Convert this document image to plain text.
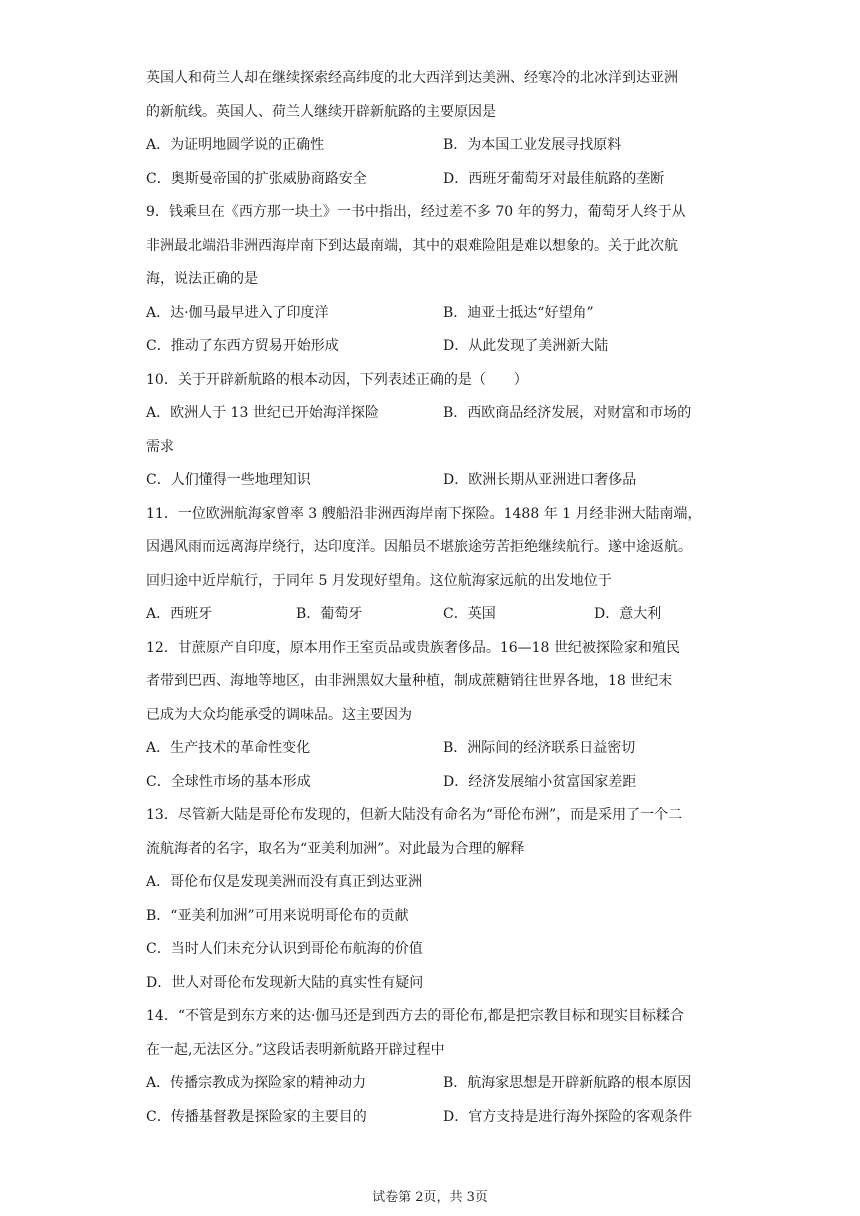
英国人和荷兰人却在继续探索经高纬度的北大西洋到达美洲、经寒冷的北冰洋到达亚洲
的新航线。英国人、荷兰人继续开辟新航路的主要原因是
A．为证明地圆学说的正确性	B．为本国工业发展寻找原料
C．奥斯曼帝国的扩张威胁商路安全	D．西班牙葡萄牙对最佳航路的垄断
9．钱乘旦在《西方那一块土》一书中指出，经过差不多 70 年的努力，葡萄牙人终于从
非洲最北端沿非洲西海岸南下到达最南端，其中的艰难险阻是难以想象的。关于此次航
海，说法正确的是
A．达·伽马最早进入了印度洋	B．迪亚士抵达“好望角”
C．推动了东西方贸易开始形成	D．从此发现了美洲新大陆
10．关于开辟新航路的根本动因，下列表述正确的是（　　）
A．欧洲人于 13 世纪已开始海洋探险	B．西欧商品经济发展，对财富和市场的
需求
C．人们懂得一些地理知识	D．欧洲长期从亚洲进口奢侈品
11．一位欧洲航海家曾率 3 艘船沿非洲西海岸南下探险。1488 年 1 月经非洲大陆南端，
因遇风雨而远离海岸绕行，达印度洋。因船员不堪旅途劳苦拒绝继续航行。遂中途返航。
回归途中近岸航行，于同年 5 月发现好望角。这位航海家远航的出发地位于
A．西班牙	B．葡萄牙	C．英国	D．意大利
12．甘蔗原产自印度，原本用作王室贡品或贵族奢侈品。16—18 世纪被探险家和殖民
者带到巴西、海地等地区，由非洲黑奴大量种植，制成蔗糖销往世界各地，18 世纪末
已成为大众均能承受的调味品。这主要因为
A．生产技术的革命性变化	B．洲际间的经济联系日益密切
C．全球性市场的基本形成	D．经济发展缩小贫富国家差距
13．尽管新大陆是哥伦布发现的，但新大陆没有命名为“哥伦布洲”，而是采用了一个二
流航海者的名字，取名为“亚美利加洲”。对此最为合理的解释
A．哥伦布仅是发现美洲而没有真正到达亚洲
B．“亚美利加洲”可用来说明哥伦布的贡献
C．当时人们未充分认识到哥伦布航海的价值
D．世人对哥伦布发现新大陆的真实性有疑问
14．“不管是到东方来的达·伽马还是到西方去的哥伦布,都是把宗教目标和现实目标糅合
在一起,无法区分。”这段话表明新航路开辟过程中
A．传播宗教成为探险家的精神动力	B．航海家思想是开辟新航路的根本原因
C．传播基督教是探险家的主要目的	D．官方支持是进行海外探险的客观条件
试卷第 2页，共 3页
